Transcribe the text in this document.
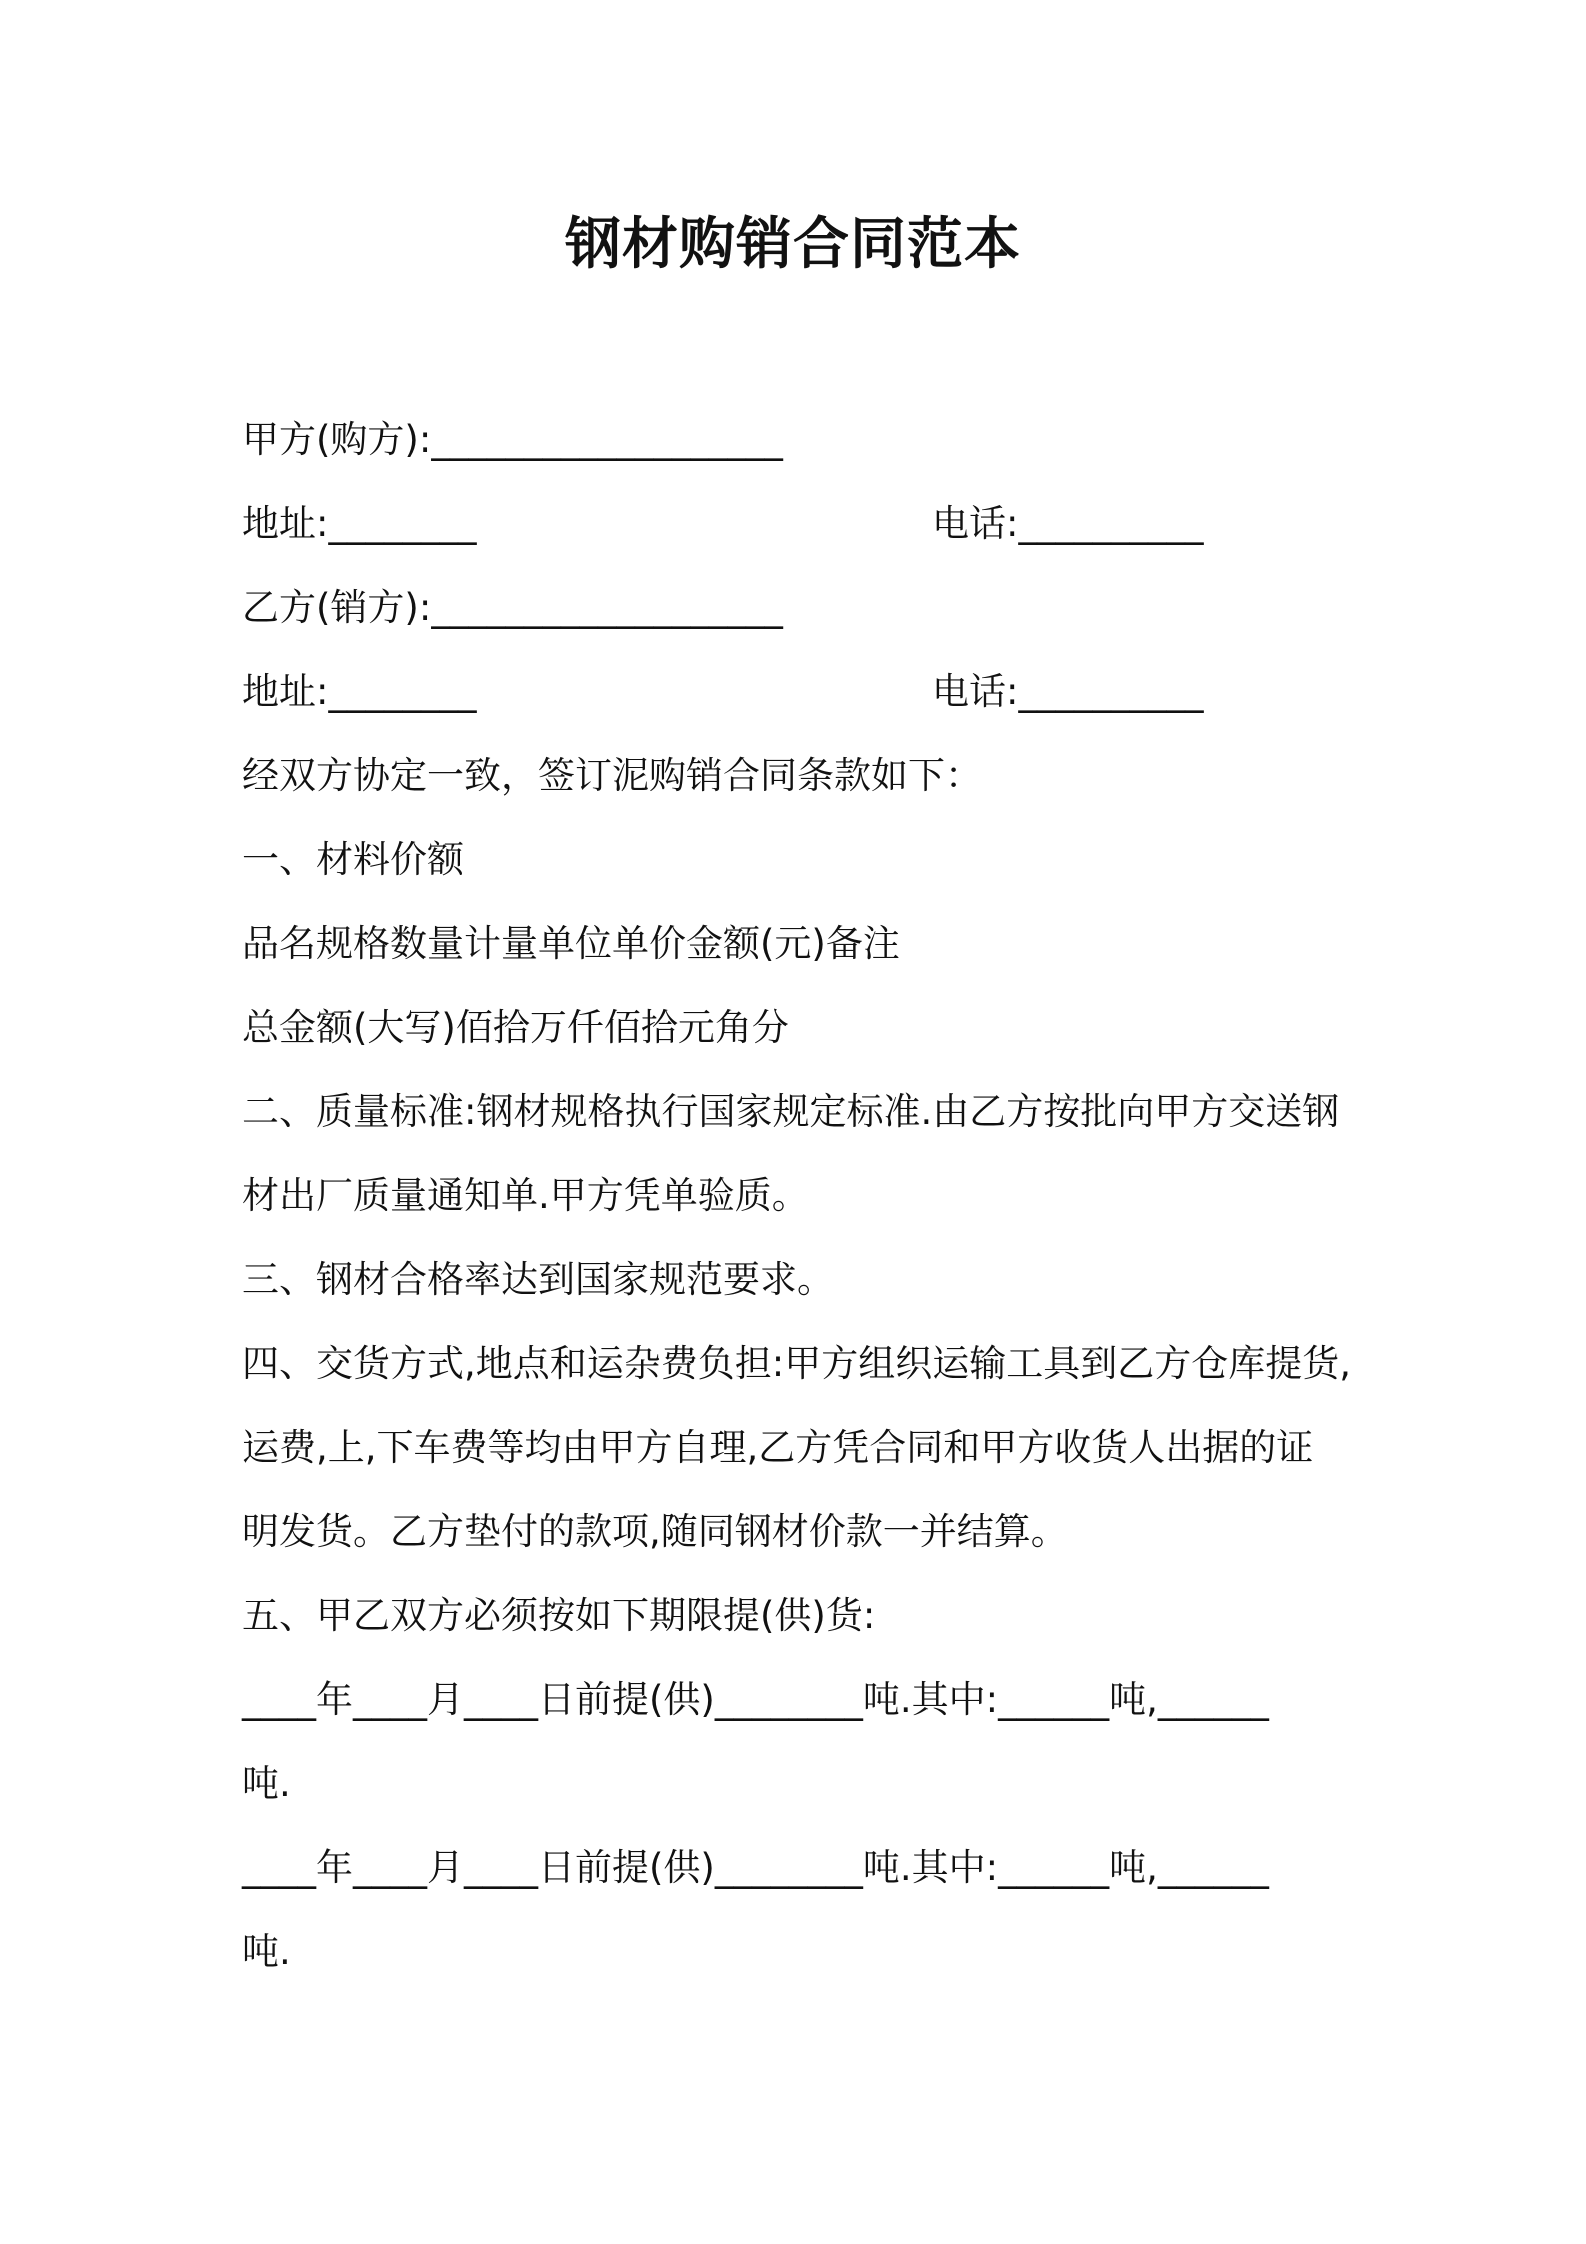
钢材购销合同范本
甲方(购方):___________________
地址:________	电话:__________
乙方(销方):___________________
地址:________	电话:__________
经双方协定一致，签订泥购销合同条款如下：
一、材料价额
品名规格数量计量单位单价金额(元)备注
总金额(大写)佰拾万仟佰拾元角分
二、质量标准:钢材规格执行国家规定标准.由乙方按批向甲方交送钢
材出厂质量通知单.甲方凭单验质。
三、钢材合格率达到国家规范要求。
四、交货方式,地点和运杂费负担:甲方组织运输工具到乙方仓库提货,
运费,上,下车费等均由甲方自理,乙方凭合同和甲方收货人出据的证
明发货。乙方垫付的款项,随同钢材价款一并结算。
五、甲乙双方必须按如下期限提(供)货:
____年____月____日前提(供)________吨.其中:______吨,______
吨.
____年____月____日前提(供)________吨.其中:______吨,______
吨.
